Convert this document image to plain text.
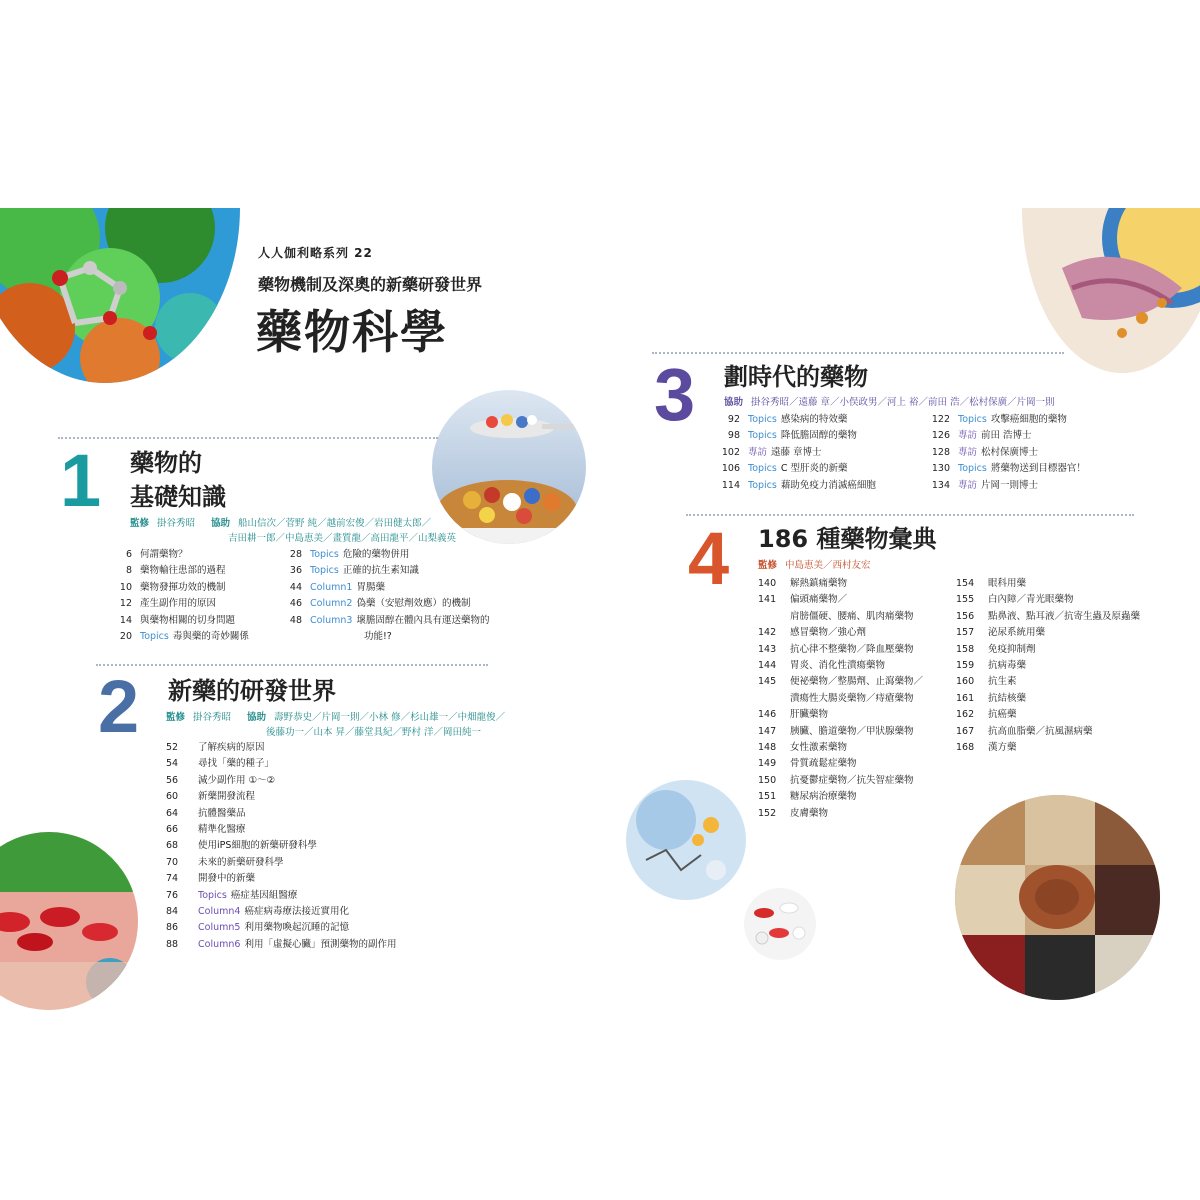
人人伽利略系列 22
藥物機制及深奧的新藥研發世界
藥物科學
1 藥物的
基礎知識
監修 掛谷秀昭 協助 船山信次／菅野 純／越前宏俊／岩田健太郎／
吉田耕一郎／中島恵美／畫質龍／高田龍平／山梨義英
6 何謂藥物？
8 藥物輸往患部的過程
10 藥物發揮功效的機制
12 產生副作用的原因
14 與藥物相關的切身問題
20 Topics 毒與藥的奇妙關係
28 Topics 危險的藥物併用
36 Topics 正確的抗生素知識
44 Column1 胃腸藥
46 Column2 偽藥（安慰劑效應）的機制
48 Column3 壞膽固醇在體內具有運送藥物的
功能!?
2 新藥的研發世界
監修 掛谷秀昭 協助 壽野恭史／片岡一則／小林 修／杉山雄一／中畑龍俊／
後藤功一／山本 昇／藤堂具紀／野村 洋／岡田純一
52	了解疾病的原因
54	尋找「藥的種子」
56	減少副作用 ①～②
60	新藥開發流程
64	抗體醫藥品
66	精準化醫療
68	使用iPS細胞的新藥研發科學
70	未來的新藥研發科學
74	開發中的新藥
76	Topics 癌症基因組醫療
84	Column4 癌症病毒療法接近實用化
86	Column5 利用藥物喚起沉睡的記憶
88	Column6 利用「虛擬心臟」預測藥物的副作用
3 劃時代的藥物
協助 掛谷秀昭／遠藤 章／小俣政男／河上 裕／前田 浩／松村保廣／片岡一則
92 Topics 感染病的特效藥
98 Topics 降低膽固醇的藥物
102 專訪 遠藤 章博士
106 Topics C 型肝炎的新藥
114 Topics 藉助免疫力消滅癌細胞
122 Topics 攻擊癌細胞的藥物
126 專訪 前田 浩博士
128 專訪 松村保廣博士
130 Topics 將藥物送到目標器官！
134 專訪 片岡一則博士
4 186 種藥物彙典
監修 中島恵美／西村友宏
140	解熱鎮痛藥物
141	偏頭痛藥物／
肩膀僵硬、腰痛、肌肉痛藥物
142	感冒藥物／強心劑
143	抗心律不整藥物／降血壓藥物
144	胃炎、消化性潰瘍藥物
145	便祕藥物／整腸劑、止瀉藥物／
潰瘍性大腸炎藥物／痔瘡藥物
146	肝臟藥物
147	胰臟、膽道藥物／甲狀腺藥物
148	女性激素藥物
149	骨質疏鬆症藥物
150	抗憂鬱症藥物／抗失智症藥物
151	糖尿病治療藥物
152	皮膚藥物
154	眼科用藥
155	白內障／青光眼藥物
156	點鼻液、點耳液／抗寄生蟲及原蟲藥
157	泌尿系統用藥
158	免疫抑制劑
159	抗病毒藥
160	抗生素
161	抗結核藥
162	抗癌藥
167	抗高血脂藥／抗風濕病藥
168	漢方藥
